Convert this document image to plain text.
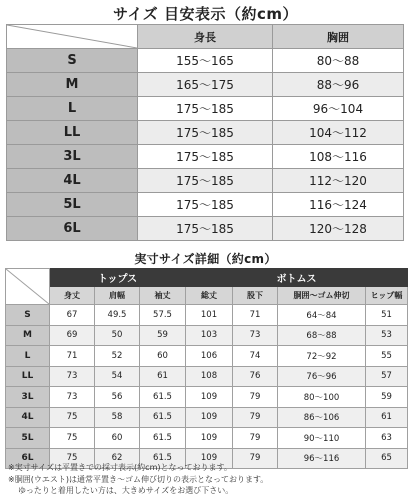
サイズ 目安表示（約cm）
	身長	胸囲
S	155～165	80～88
M	165～175	88～96
L	175～185	96～104
LL	175～185	104～112
3L	175～185	108～116
4L	175～185	112～120
5L	175～185	116～124
6L	175～185	120～128
実寸サイズ詳細（約cm）
	トップス			ボトムス			
	身丈	肩幅	袖丈	総丈	股下	胴囲～ゴム伸切	ヒップ幅
S	67	49.5	57.5	101	71	64～84	51
M	69	50	59	103	73	68～88	53
L	71	52	60	106	74	72～92	55
LL	73	54	61	108	76	76～96	57
3L	73	56	61.5	109	79	80～100	59
4L	75	58	61.5	109	79	86～106	61
5L	75	60	61.5	109	79	90～110	63
6L	75	62	61.5	109	79	96～116	65
※実寸サイズは平置きでの採寸表示(約cm)となっております。
※胴囲(ウエスト)は通常平置き～ゴム伸び切りの表示となっております。
ゆったりと着用したい方は、大きめサイズをお選び下さい。
